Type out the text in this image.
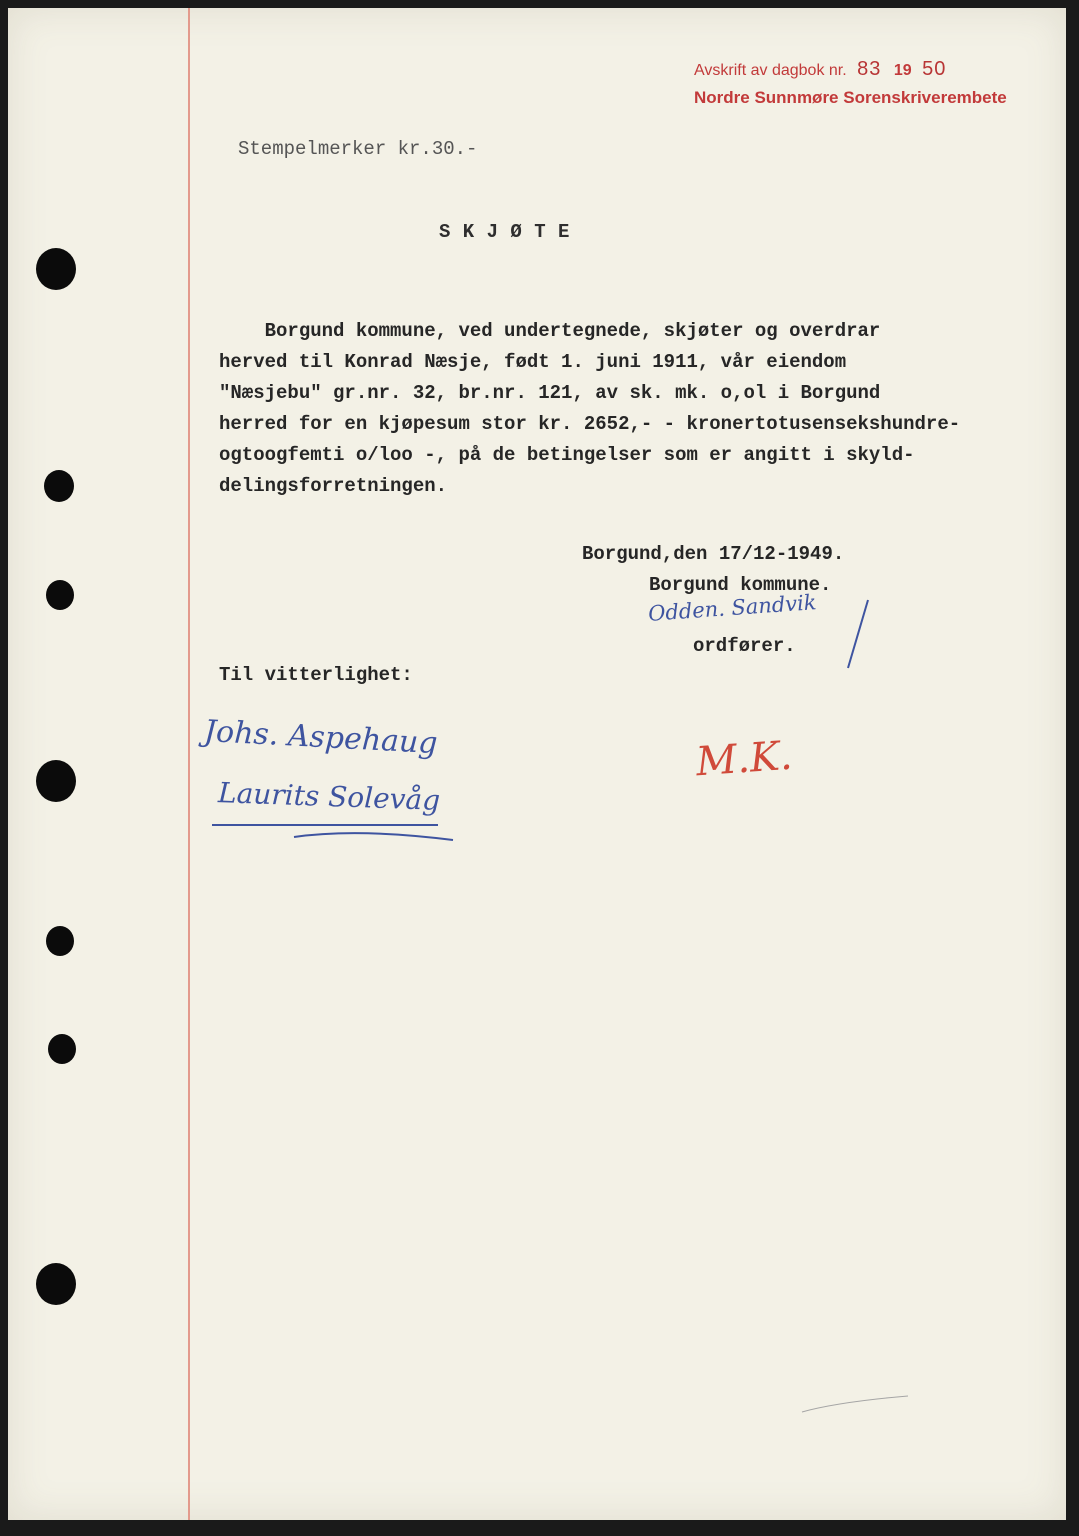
Avskrift av dagbok nr. 83 19 50
Nordre Sunnmøre Sorenskriverembete
Stempelmerker kr.30.-
S K J Ø T E
Borgund kommune, ved undertegnede, skjøter og overdrar
herved til Konrad Næsje, født 1. juni 1911, vår eiendom
"Næsjebu" gr.nr. 32, br.nr. 121, av sk. mk. o,ol i Borgund
herred for en kjøpesum stor kr. 2652,- - kronertotusensekshundre-
ogtoogfemti o/loo -, på de betingelser som er angitt i skyld-
delingsforretningen.
Borgund,den 17/12-1949.
Borgund kommune.
Odden. Sandvik
ordfører.
Til vitterlighet:
Johs. Aspehaug
Laurits Solevåg
M.K.
